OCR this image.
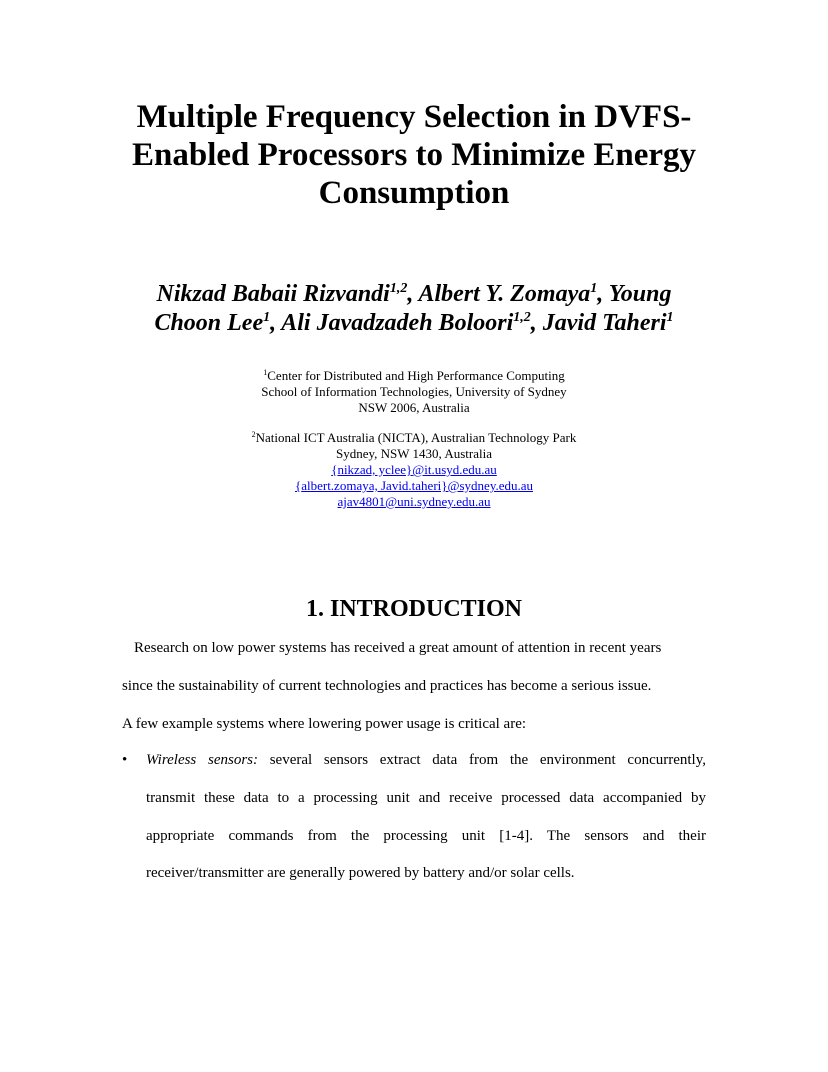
Multiple Frequency Selection in DVFS-
Enabled Processors to Minimize Energy
Consumption
Nikzad Babaii Rizvandi$^{1,2}$, Albert Y. Zomaya$^1$, Young
Choon Lee$^1$, Ali Javadzadeh Boloori$^{1,2}$, Javid Taheri$^1$
$^1$Center for Distributed and High Performance Computing
School of Information Technologies, University of Sydney
NSW 2006, Australia
$^2$National ICT Australia (NICTA), Australian Technology Park
Sydney, NSW 1430, Australia
{nikzad, yclee}@it.usyd.edu.au
{albert.zomaya, Javid.taheri}@sydney.edu.au
ajav4801@uni.sydney.edu.au
1. INTRODUCTION
Research on low power systems has received a great amount of attention in recent years
since the sustainability of current technologies and practices has become a serious issue.
A few example systems where lowering power usage is critical are:
• Wireless sensors: several sensors extract data from the environment concurrently,
transmit these data to a processing unit and receive processed data accompanied by
appropriate commands from the processing unit [1-4]. The sensors and their
receiver/transmitter are generally powered by battery and/or solar cells.
